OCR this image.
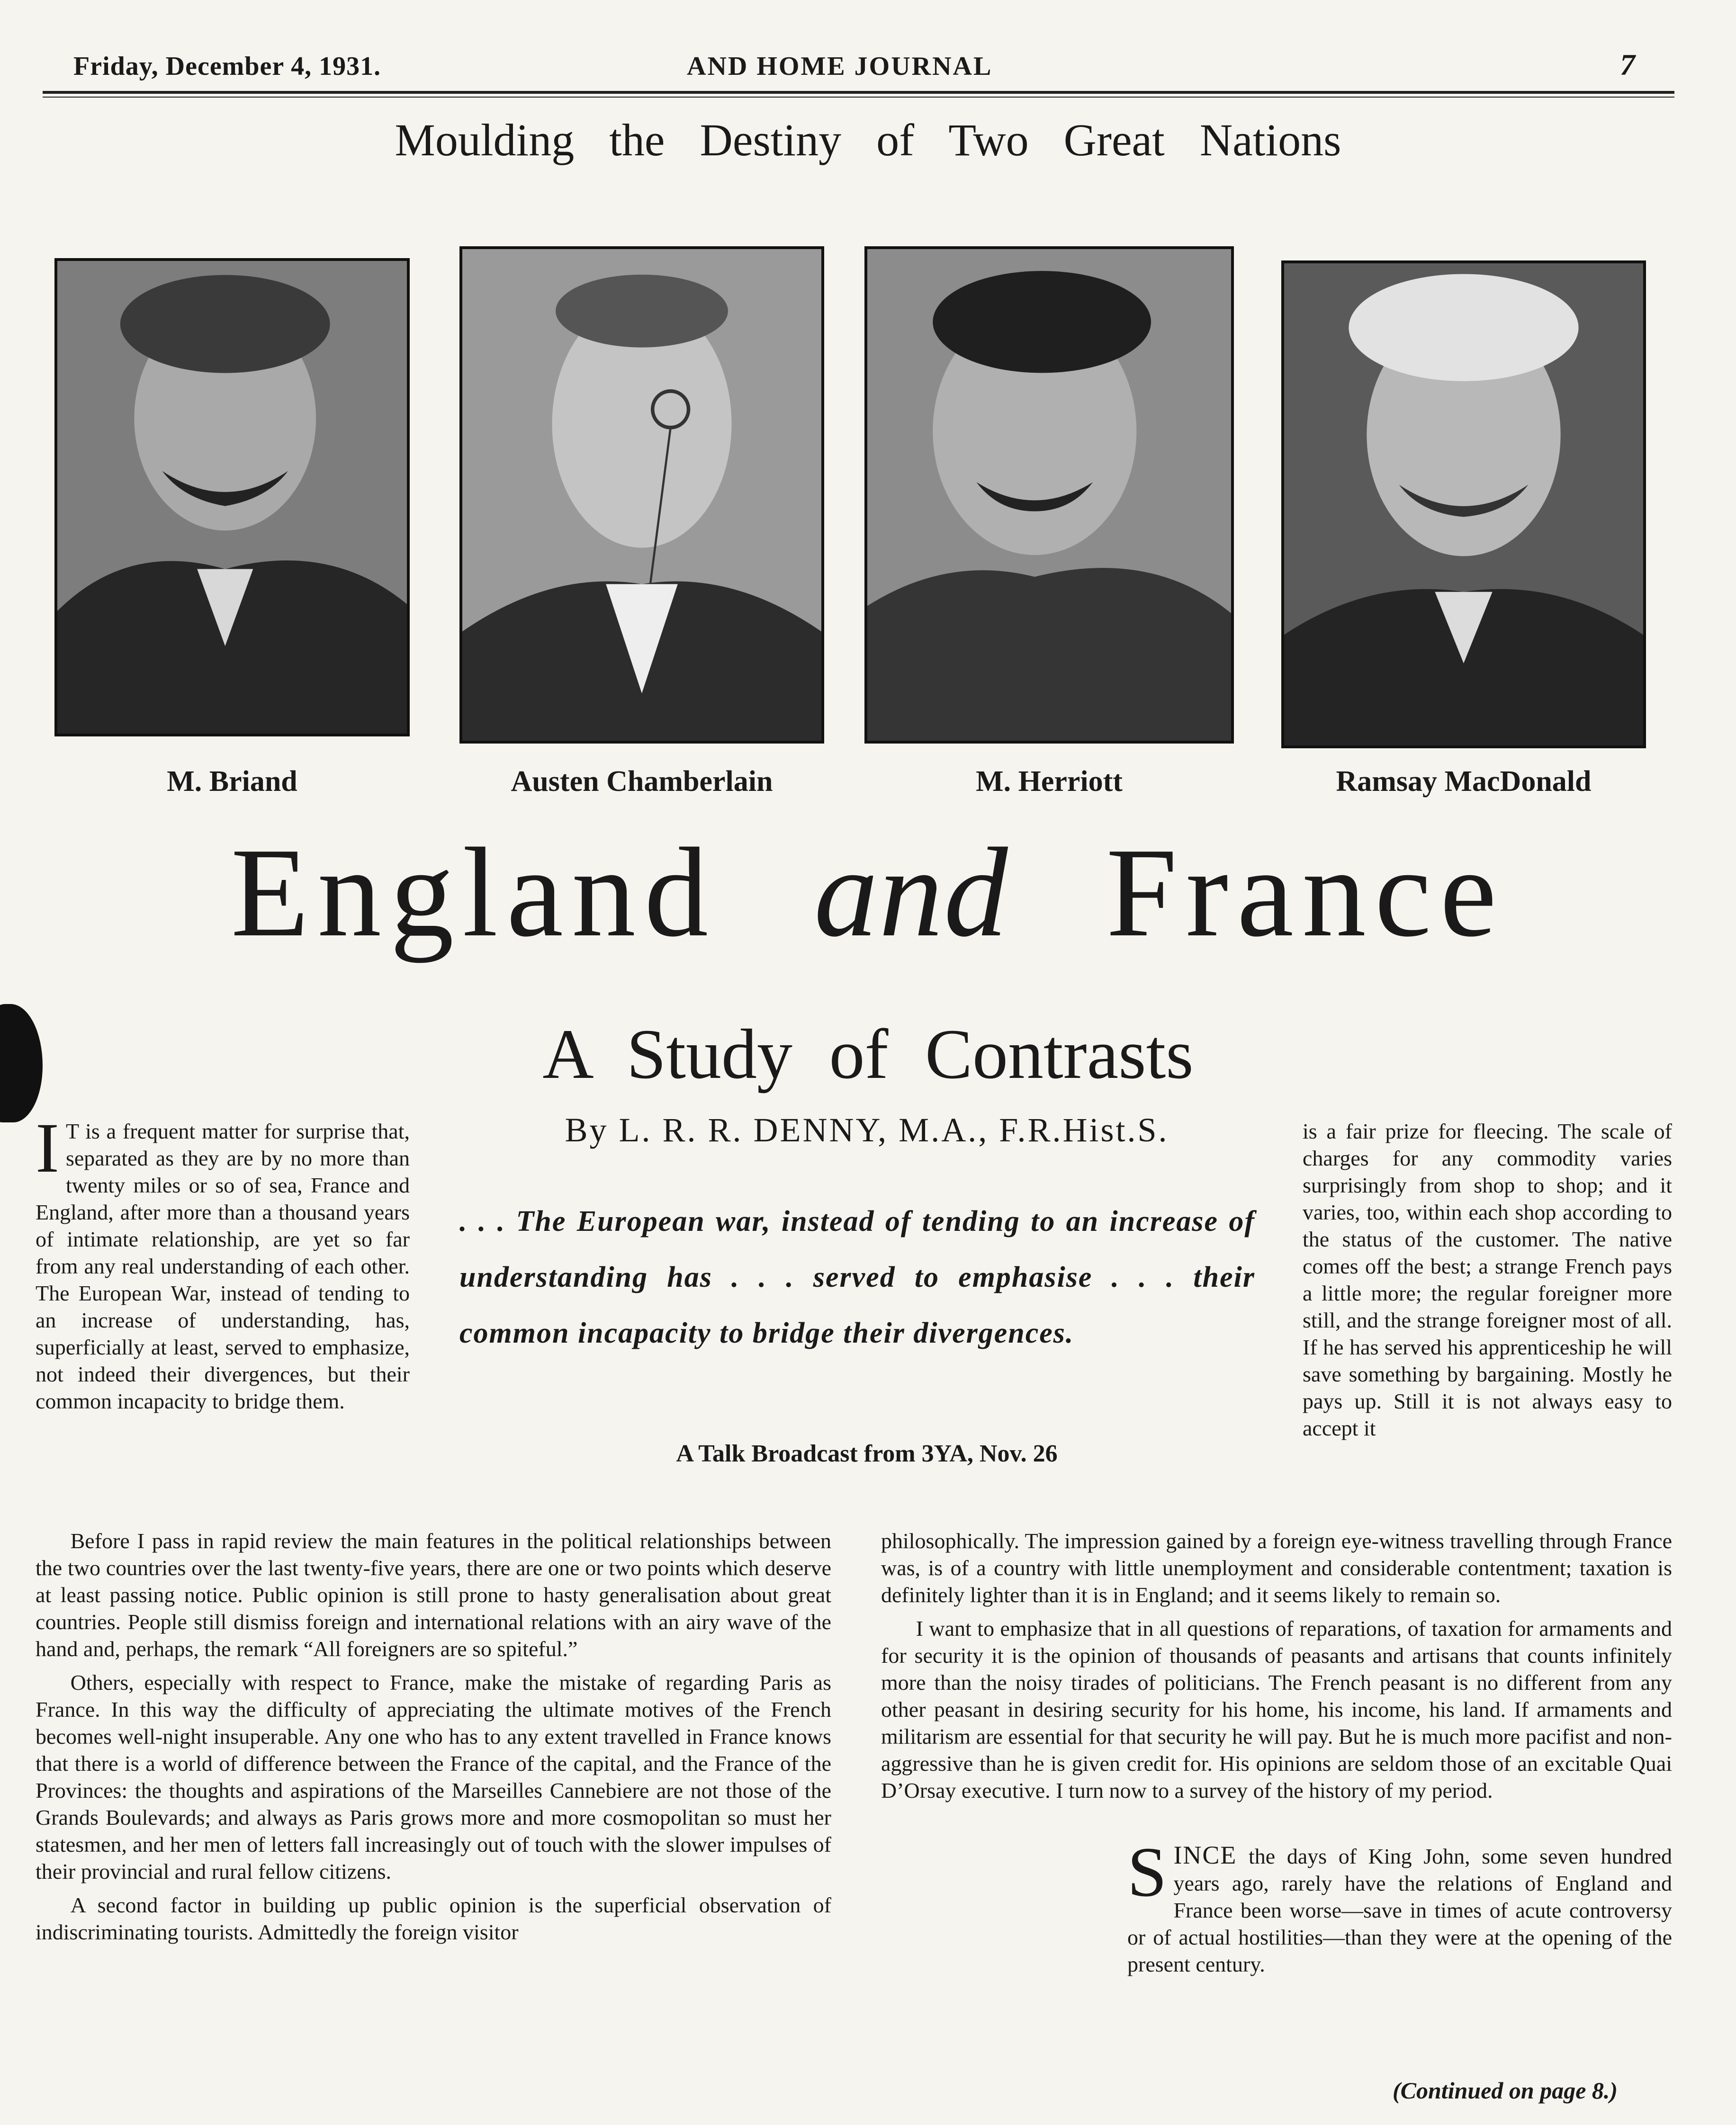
Friday, December 4, 1931.	AND HOME JOURNAL	7
Moulding the Destiny of Two Great Nations
M. Briand	Austen Chamberlain	M. Herriott	Ramsay MacDonald
England and France
A Study of Contrasts
By L. R. R. DENNY, M.A., F.R.Hist.S.
. . . The European war, instead of tending to an increase of understanding has . . . served to emphasise . . . their common incapacity to bridge their divergences.
A Talk Broadcast from 3YA, Nov. 26

I T is a frequent matter for surprise that, separated as they are by no more than twenty miles or so of sea, France and England, after more than a thousand years of intimate relationship, are yet so far from any real understanding of each other. The European War, instead of tending to an increase of understanding, has, superficially at least, served to emphasize, not indeed their divergences, but their common incapacity to bridge them.

is a fair prize for fleecing. The scale of charges for any commodity varies surprisingly from shop to shop; and it varies, too, within each shop according to the status of the customer. The native comes off the best; a strange French pays a little more; the regular foreigner more still, and the strange foreigner most of all. If he has served his apprenticeship he will save something by bargaining. Mostly he pays up. Still it is not always easy to accept it

Before I pass in rapid review the main features in the political relationships between the two countries over the last twenty-five years, there are one or two points which deserve at least passing notice. Public opinion is still prone to hasty generalisation about great countries. People still dismiss foreign and international relations with an airy wave of the hand and, perhaps, the remark “All foreigners are so spiteful.”

Others, especially with respect to France, make the mistake of regarding Paris as France. In this way the difficulty of appreciating the ultimate motives of the French becomes well-night insuperable. Any one who has to any extent travelled in France knows that there is a world of difference between the France of the capital, and the France of the Provinces: the thoughts and aspirations of the Marseilles Cannebiere are not those of the Grands Boulevards; and always as Paris grows more and more cosmopolitan so must her statesmen, and her men of letters fall increasingly out of touch with the slower impulses of their provincial and rural fellow citizens.

A second factor in building up public opinion is the superficial observation of indiscriminating tourists. Admittedly the foreign visitor

philosophically. The impression gained by a foreign eye-witness travelling through France was, is of a country with little unemployment and considerable contentment; taxation is definitely lighter than it is in England; and it seems likely to remain so.

I want to emphasize that in all questions of reparations, of taxation for armaments and for security it is the opinion of thousands of peasants and artisans that counts infinitely more than the noisy tirades of politicians. The French peasant is no different from any other peasant in desiring security for his home, his income, his land. If armaments and militarism are essential for that security he will pay. But he is much more pacifist and non-aggressive than he is given credit for. His opinions are seldom those of an excitable Quai D’Orsay executive. I turn now to a survey of the history of my period.

SINCE the days of King John, some seven hundred years ago, rarely have the relations of England and France been worse—save in times of acute controversy or of actual hostilities—than they were at the opening of the present century.

(Continued on page 8.)
